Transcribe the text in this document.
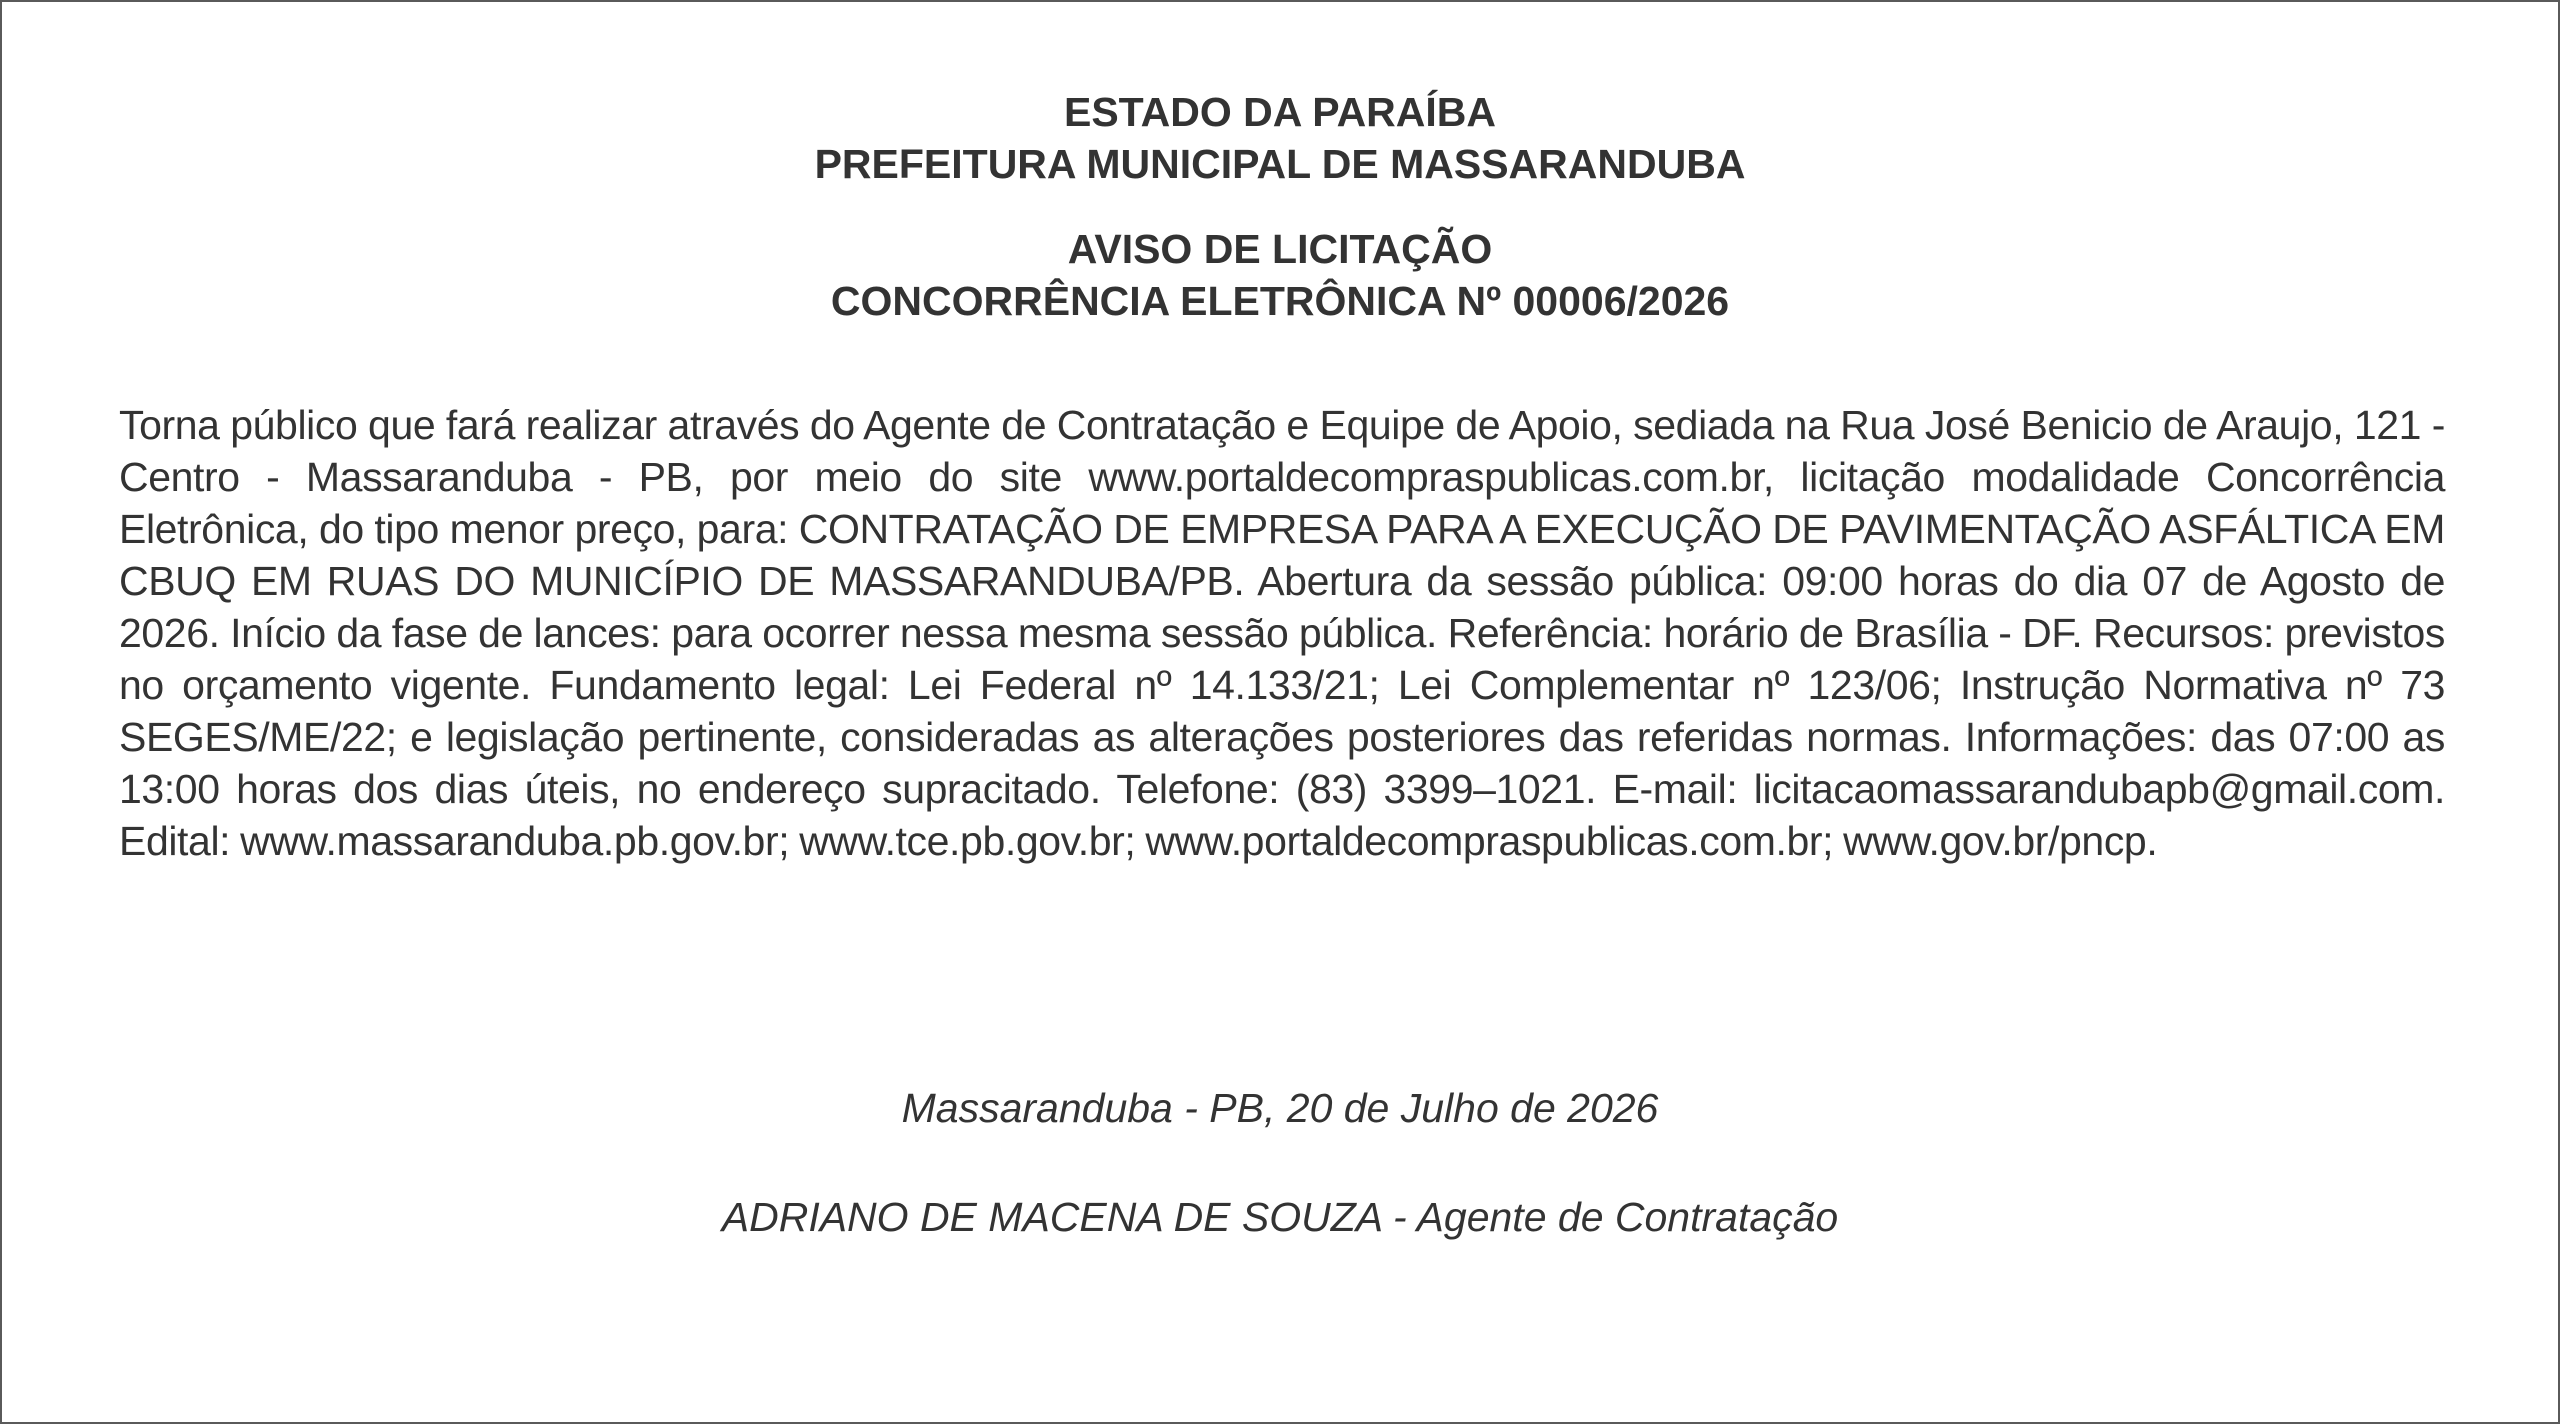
ESTADO DA PARAÍBA
PREFEITURA MUNICIPAL DE MASSARANDUBA
AVISO DE LICITAÇÃO
CONCORRÊNCIA ELETRÔNICA Nº 00006/2026
Torna público que fará realizar através do Agente de Contratação e Equipe de Apoio, sediada na Rua José Benicio de Araujo, 121 - Centro - Massaranduba - PB, por meio do site www.portaldecompraspublicas.com.br, licitação modalidade Concorrência Eletrônica, do tipo menor preço, para: CONTRATAÇÃO DE EMPRESA PARA A EXECUÇÃO DE PAVIMENTAÇÃO ASFÁLTICA EM CBUQ EM RUAS DO MUNICÍPIO DE MASSARANDUBA/PB. Abertura da sessão pública: 09:00 horas do dia 07 de Agosto de 2026. Início da fase de lances: para ocorrer nessa mesma sessão pública. Referência: horário de Brasília - DF. Recursos: previstos no orçamento vigente. Fundamento legal: Lei Federal nº 14.133/21; Lei Complementar nº 123/06; Instrução Normativa nº 73 SEGES/ME/22; e legislação pertinente, consideradas as alterações posteriores das referidas normas. Informações: das 07:00 as 13:00 horas dos dias úteis, no endereço supracitado. Telefone: (83) 3399–1021. E-mail: licitacaomassarandubapb@gmail.com. Edital: www.massaranduba.pb.gov.br; www.tce.pb.gov.br; www.portaldecompraspublicas.com.br; www.gov.br/pncp.
Massaranduba - PB, 20 de Julho de 2026
ADRIANO DE MACENA DE SOUZA - Agente de Contratação
